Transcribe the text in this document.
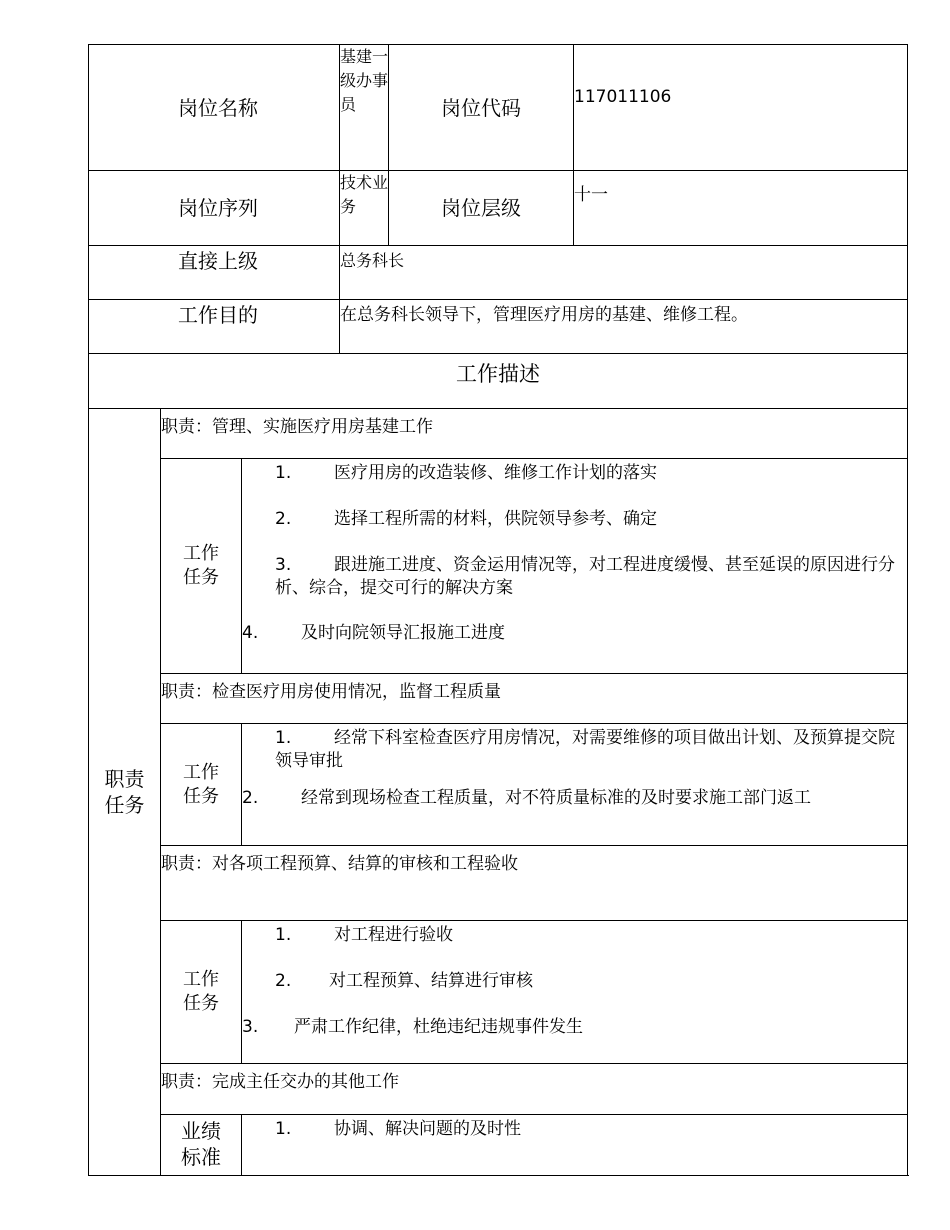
岗位名称			基建一级办事员	岗位代码	117011106
岗位序列			技术业务	岗位层级	十一
直接上级			总务科长		
工作目的			在总务科长领导下，管理医疗用房的基建、维修工程。		
工作描述					
职责任务	职责：管理、实施医疗用房基建工作				
	工作任务	1. 医疗用房的改造装修、维修工作计划的落实

2. 选择工程所需的材料，供院领导参考、确定

3. 跟进施工进度、资金运用情况等，对工程进度缓慢、甚至延误的原因进行分析、综合，提交可行的解决方案

4. 及时向院领导汇报施工进度			

	职责：检查医疗用房使用情况，监督工程质量				
	工作任务	1. 经常下科室检查医疗用房情况，对需要维修的项目做出计划、及预算提交院领导审批

2. 经常到现场检查工程质量，对不符质量标准的及时要求施工部门返工			

	职责：对各项工程预算、结算的审核和工程验收				
	工作任务	1. 对工程进行验收

2. 对工程预算、结算进行审核

3. 严肃工作纪律，杜绝违纪违规事件发生			

	职责：完成主任交办的其他工作				
	业绩标准	1. 协调、解决问题的及时性			
